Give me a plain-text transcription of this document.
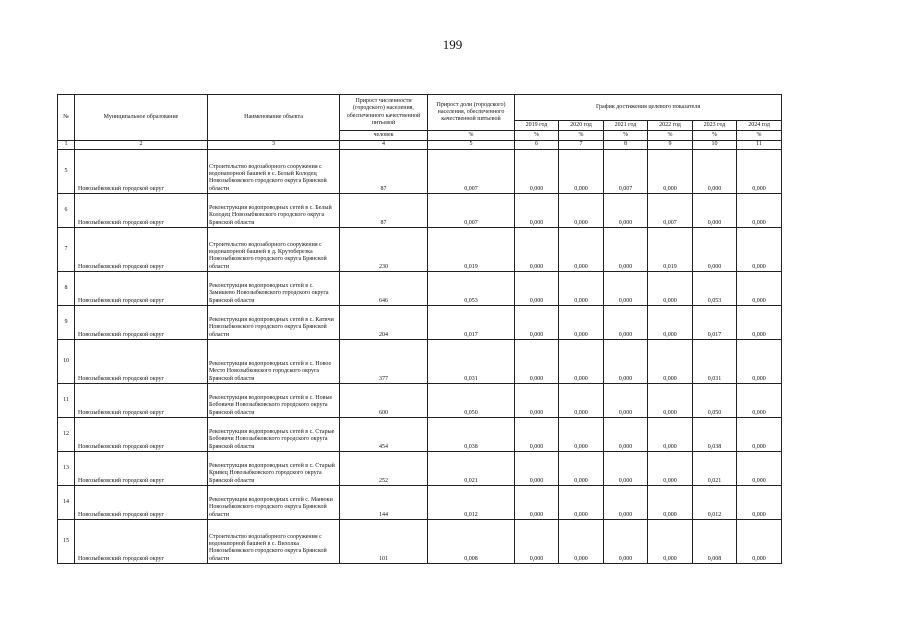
199
№	Муниципальное образование	Наименование объекта	Прирост численности (городского) населения, обеспеченного качественной питьевой	Прирост доли (городского) населения, обеспеченного качественной питьевой	График достижения целевого показателя					
					2019 год	2020 год	2021 год	2022 год	2023 год	2024 год
			человек	%	%	%	%	%	%	%
1	2	3	4	5	6	7	8	9	10	11
5	Новозыбковский городской округ	Строительство водозаборного сооружения с водонапорной башней в с. Белый Колодец Новозыбковского городского округа Брянской области	87	0,007	0,000	0,000	0,007	0,000	0,000	0,000
6	Новозыбковский городской округ	Реконструкция водопроводных сетей в с. Белый Колодец Новозыбковского городского округа Брянской области	87	0,007	0,000	0,000	0,000	0,007	0,000	0,000
7	Новозыбковский городской округ	Строительство водозаборного сооружения с водонапорной башней в д. Крутоберезка Новозыбковского городского округа Брянской области	230	0,019	0,000	0,000	0,000	0,019	0,000	0,000
8	Новозыбковский городской округ	Реконструкция водопроводных сетей в с. Замишево Новозыбковского городского округа Брянской области	646	0,053	0,000	0,000	0,000	0,000	0,053	0,000
9	Новозыбковский городской округ	Реконструкция водопроводных сетей в с. Катичи Новозыбковского городского округа Брянской области	204	0,017	0,000	0,000	0,000	0,000	0,017	0,000
10	Новозыбковский городской округ	Реконструкция водопроводных сетей в с. Новое Место Новозыбковского городского округа Брянской области	377	0,031	0,000	0,000	0,000	0,000	0,031	0,000
11	Новозыбковский городской округ	Реконструкция водопроводных сетей в с. Новые Бобовичи Новозыбковского городского округа Брянской области	600	0,050	0,000	0,000	0,000	0,000	0,050	0,000
12	Новозыбковский городской округ	Реконструкция водопроводных сетей в с. Старые Бобовичи Новозыбковского городского округа Брянской области	454	0,038	0,000	0,000	0,000	0,000	0,038	0,000
13	Новозыбковский городской округ	Реконструкция водопроводных сетей в с. Старый Кривец Новозыбковского городского округа Брянской области	252	0,021	0,000	0,000	0,000	0,000	0,021	0,000
14	Новозыбковский городской округ	Реконструкция водопроводных сетей с. Манюки Новозыбковского городского округа Брянской области	144	0,012	0,000	0,000	0,000	0,000	0,012	0,000
15	Новозыбковский городской округ	Строительство водозаборного сооружения с водонапорной башней в с. Вихолка Новозыбковского городского округа Брянской области	101	0,008	0,000	0,000	0,000	0,000	0,008	0,000
